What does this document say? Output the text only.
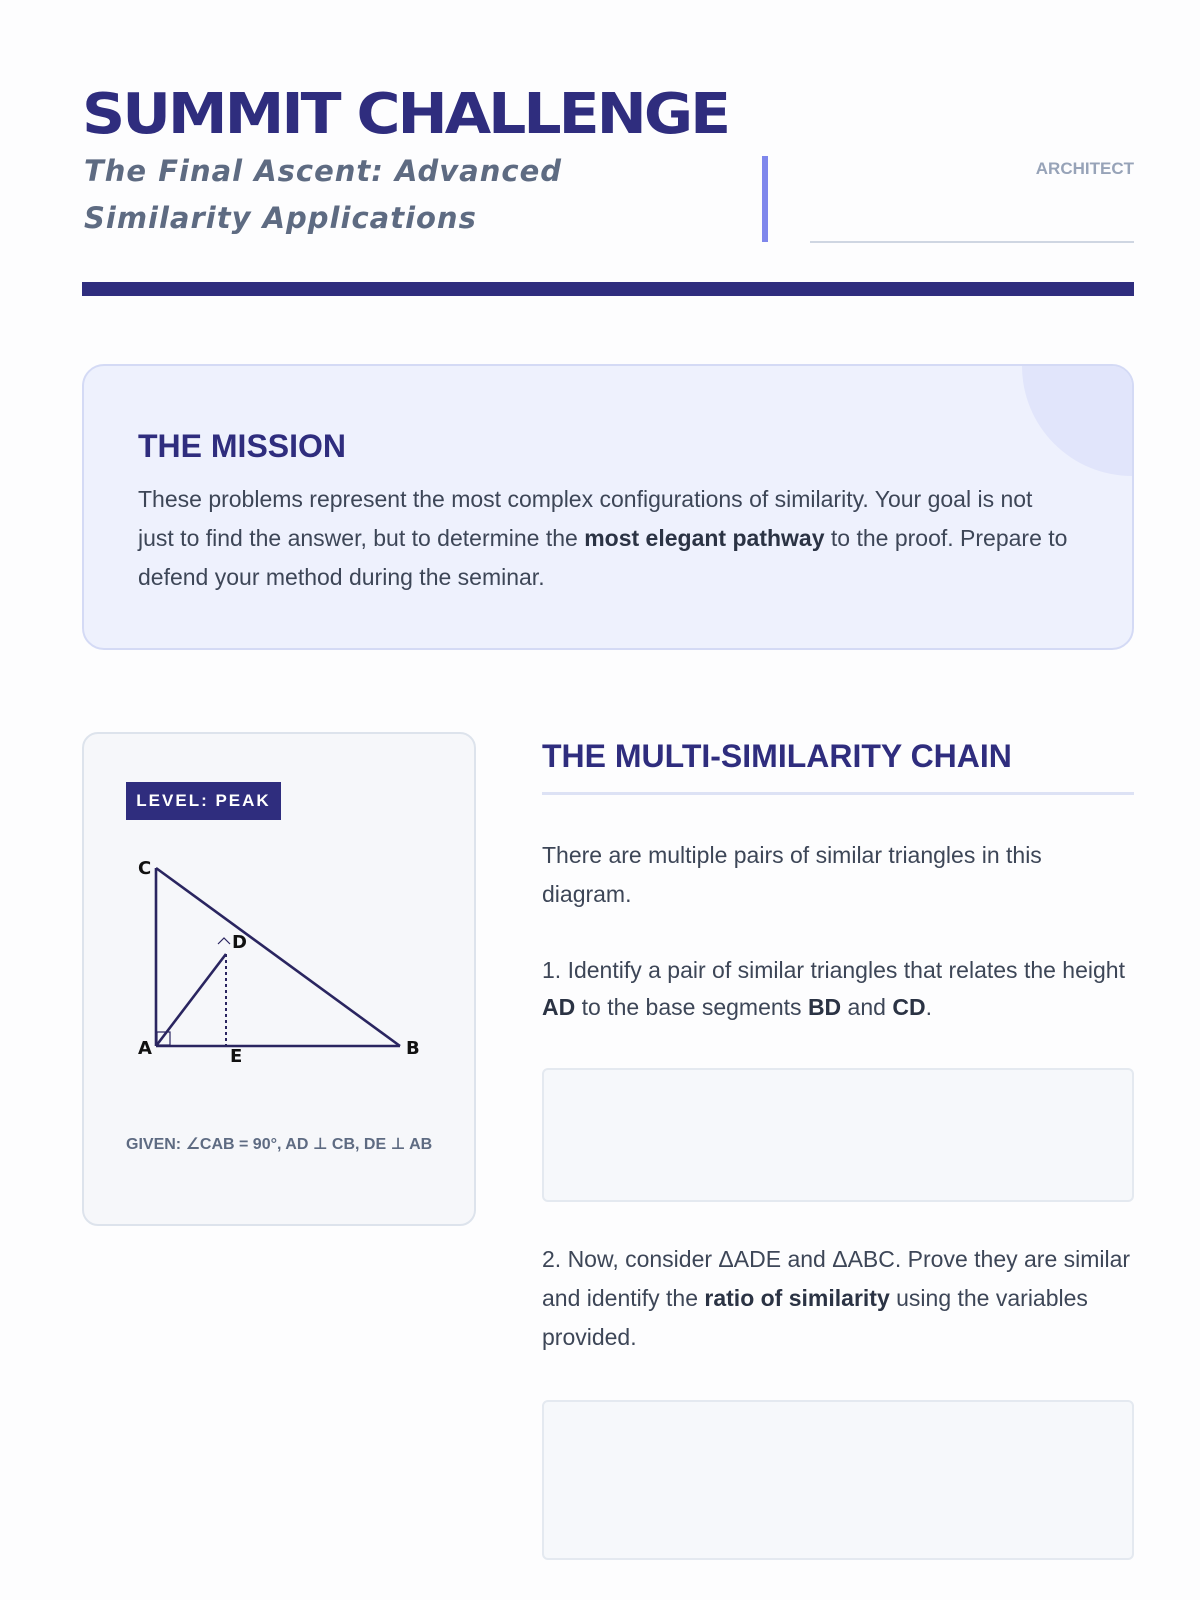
SUMMIT CHALLENGE
The Final Ascent: Advanced Similarity Applications
ARCHITECT
THE MISSION

These problems represent the most complex configurations of similarity. Your goal is not just to find the answer, but to determine the most elegant pathway to the proof. Prepare to defend your method during the seminar.

LEVEL: PEAK
C
D
A	E	B
GIVEN: ∠CAB = 90°, AD ⊥ CB, DE ⊥ AB
THE MULTI-SIMILARITY CHAIN

There are multiple pairs of similar triangles in this diagram.

1. Identify a pair of similar triangles that relates the height AD to the base segments BD and CD.

2. Now, consider ΔADE and ΔABC. Prove they are similar and identify the ratio of similarity using the variables provided.
